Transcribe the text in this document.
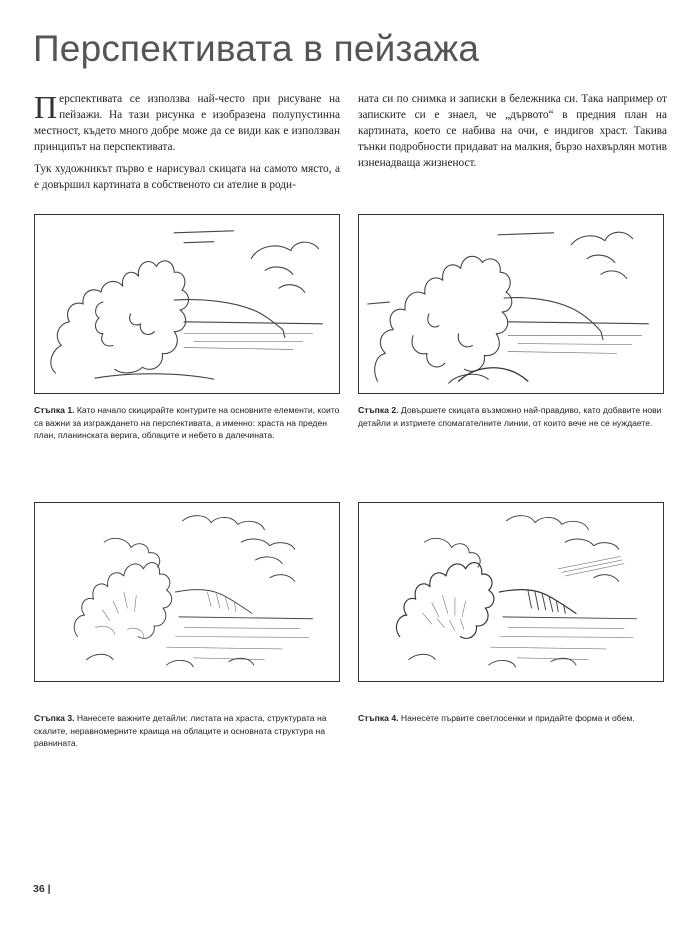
Перспективата в пейзажа

Перспективата се използва най-често при рисуване на пейзажи. На тази рисунка е изобразена полупустинна местност, където много добре може да се види как е използван принципът на перспективата.

Тук художникът първо е нарисувал скицата на самото място, а е довършил картината в собственото си ателие в роди-

ната си по снимка и записки в бележника си. Така например от записките си е знаел, че „дървото“ в предния план на картината, което се набива на очи, е индигов храст. Такива тънки подробности придават на малкия, бързо нахвърлян мотив изненадваща жизненост.

Стъпка 1. Като начало скицирайте контурите на основните елементи, които са важни за изграждането на перспективата, а именно: храста на преден план, планинската верига, облаците и небето в далечината.
Стъпка 2. Довършете скицата възможно най-правдиво, като добавите нови детайли и изтриете спомагателните линии, от които вече не се нуждаете.
Стъпка 3. Нанесете важните детайли: листата на храста, структурата на скалите, неравномерните краища на облаците и основната структура на равнината.
Стъпка 4. Нанесете първите светлосенки и придайте форма и обем.
36 |
